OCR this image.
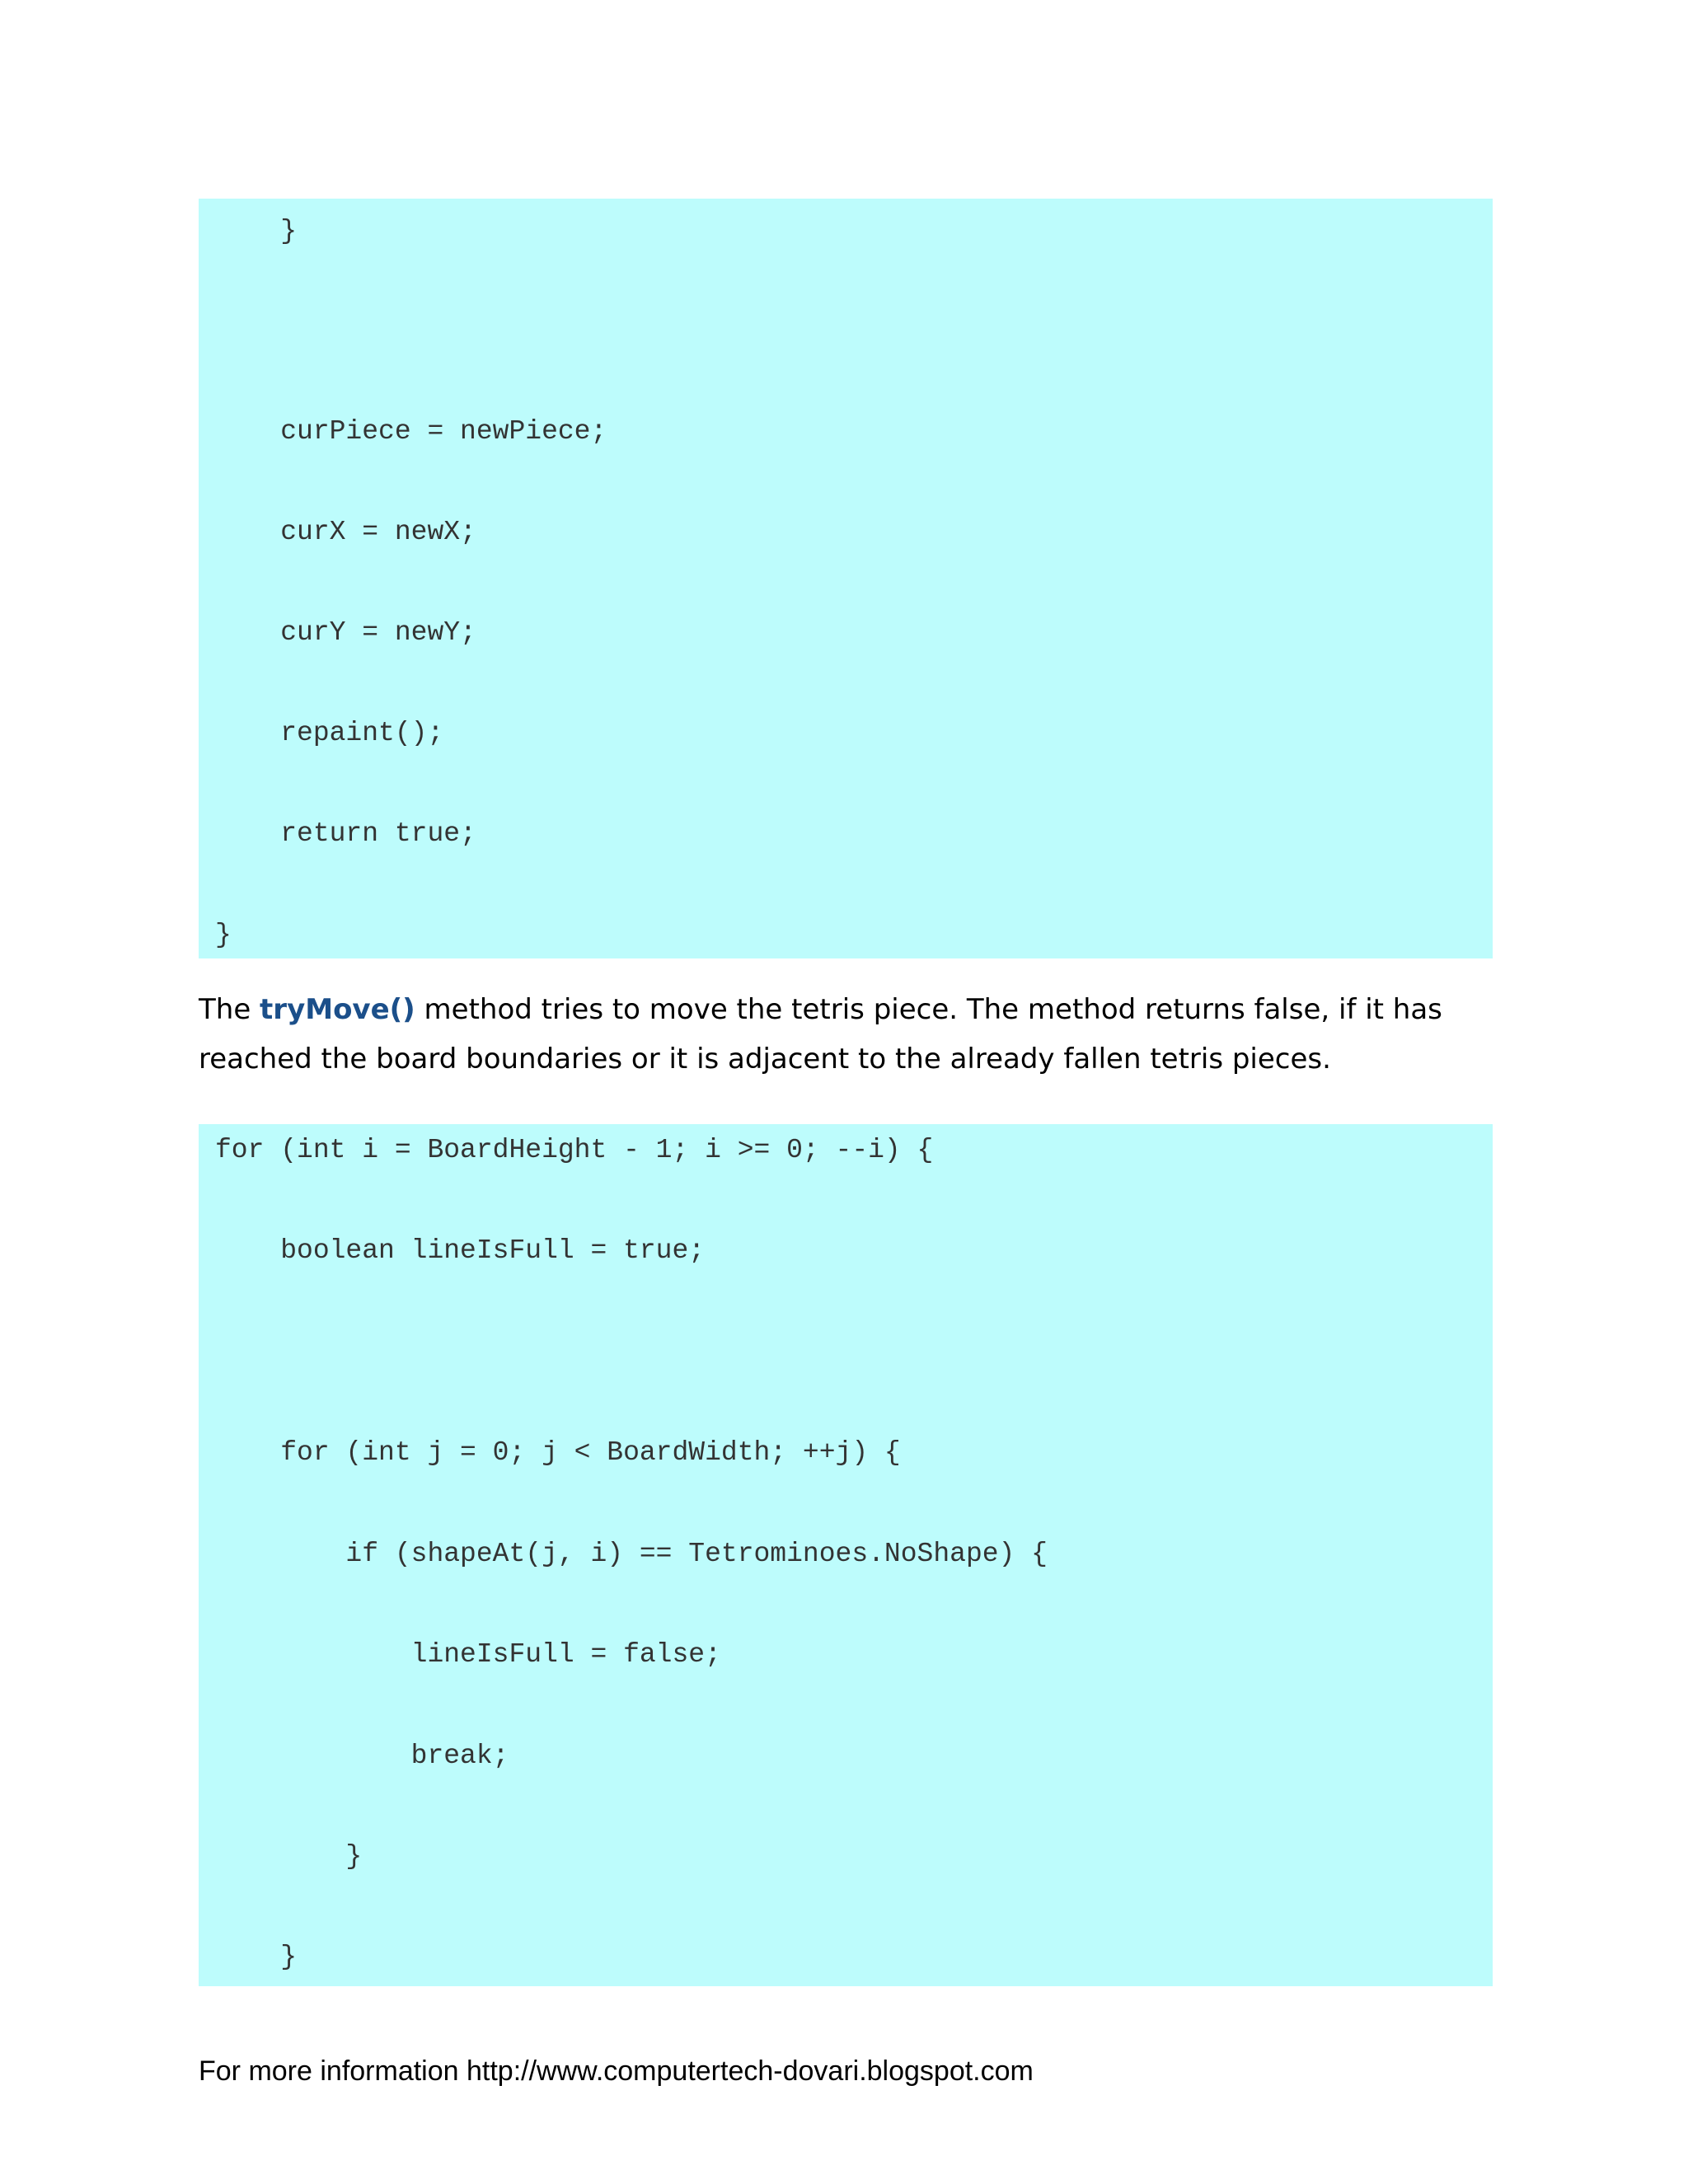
}
curPiece = newPiece;
curX = newX;
curY = newY;
repaint();
return true;
}

The tryMove() method tries to move the tetris piece. The method returns false, if it has reached the board boundaries or it is adjacent to the already fallen tetris pieces.

for (int i = BoardHeight - 1; i >= 0; --i) {
boolean lineIsFull = true;
for (int j = 0; j < BoardWidth; ++j) {
if (shapeAt(j, i) == Tetrominoes.NoShape) {
lineIsFull = false;
break;
}
}

For more information http://www.computertech-dovari.blogspot.com
